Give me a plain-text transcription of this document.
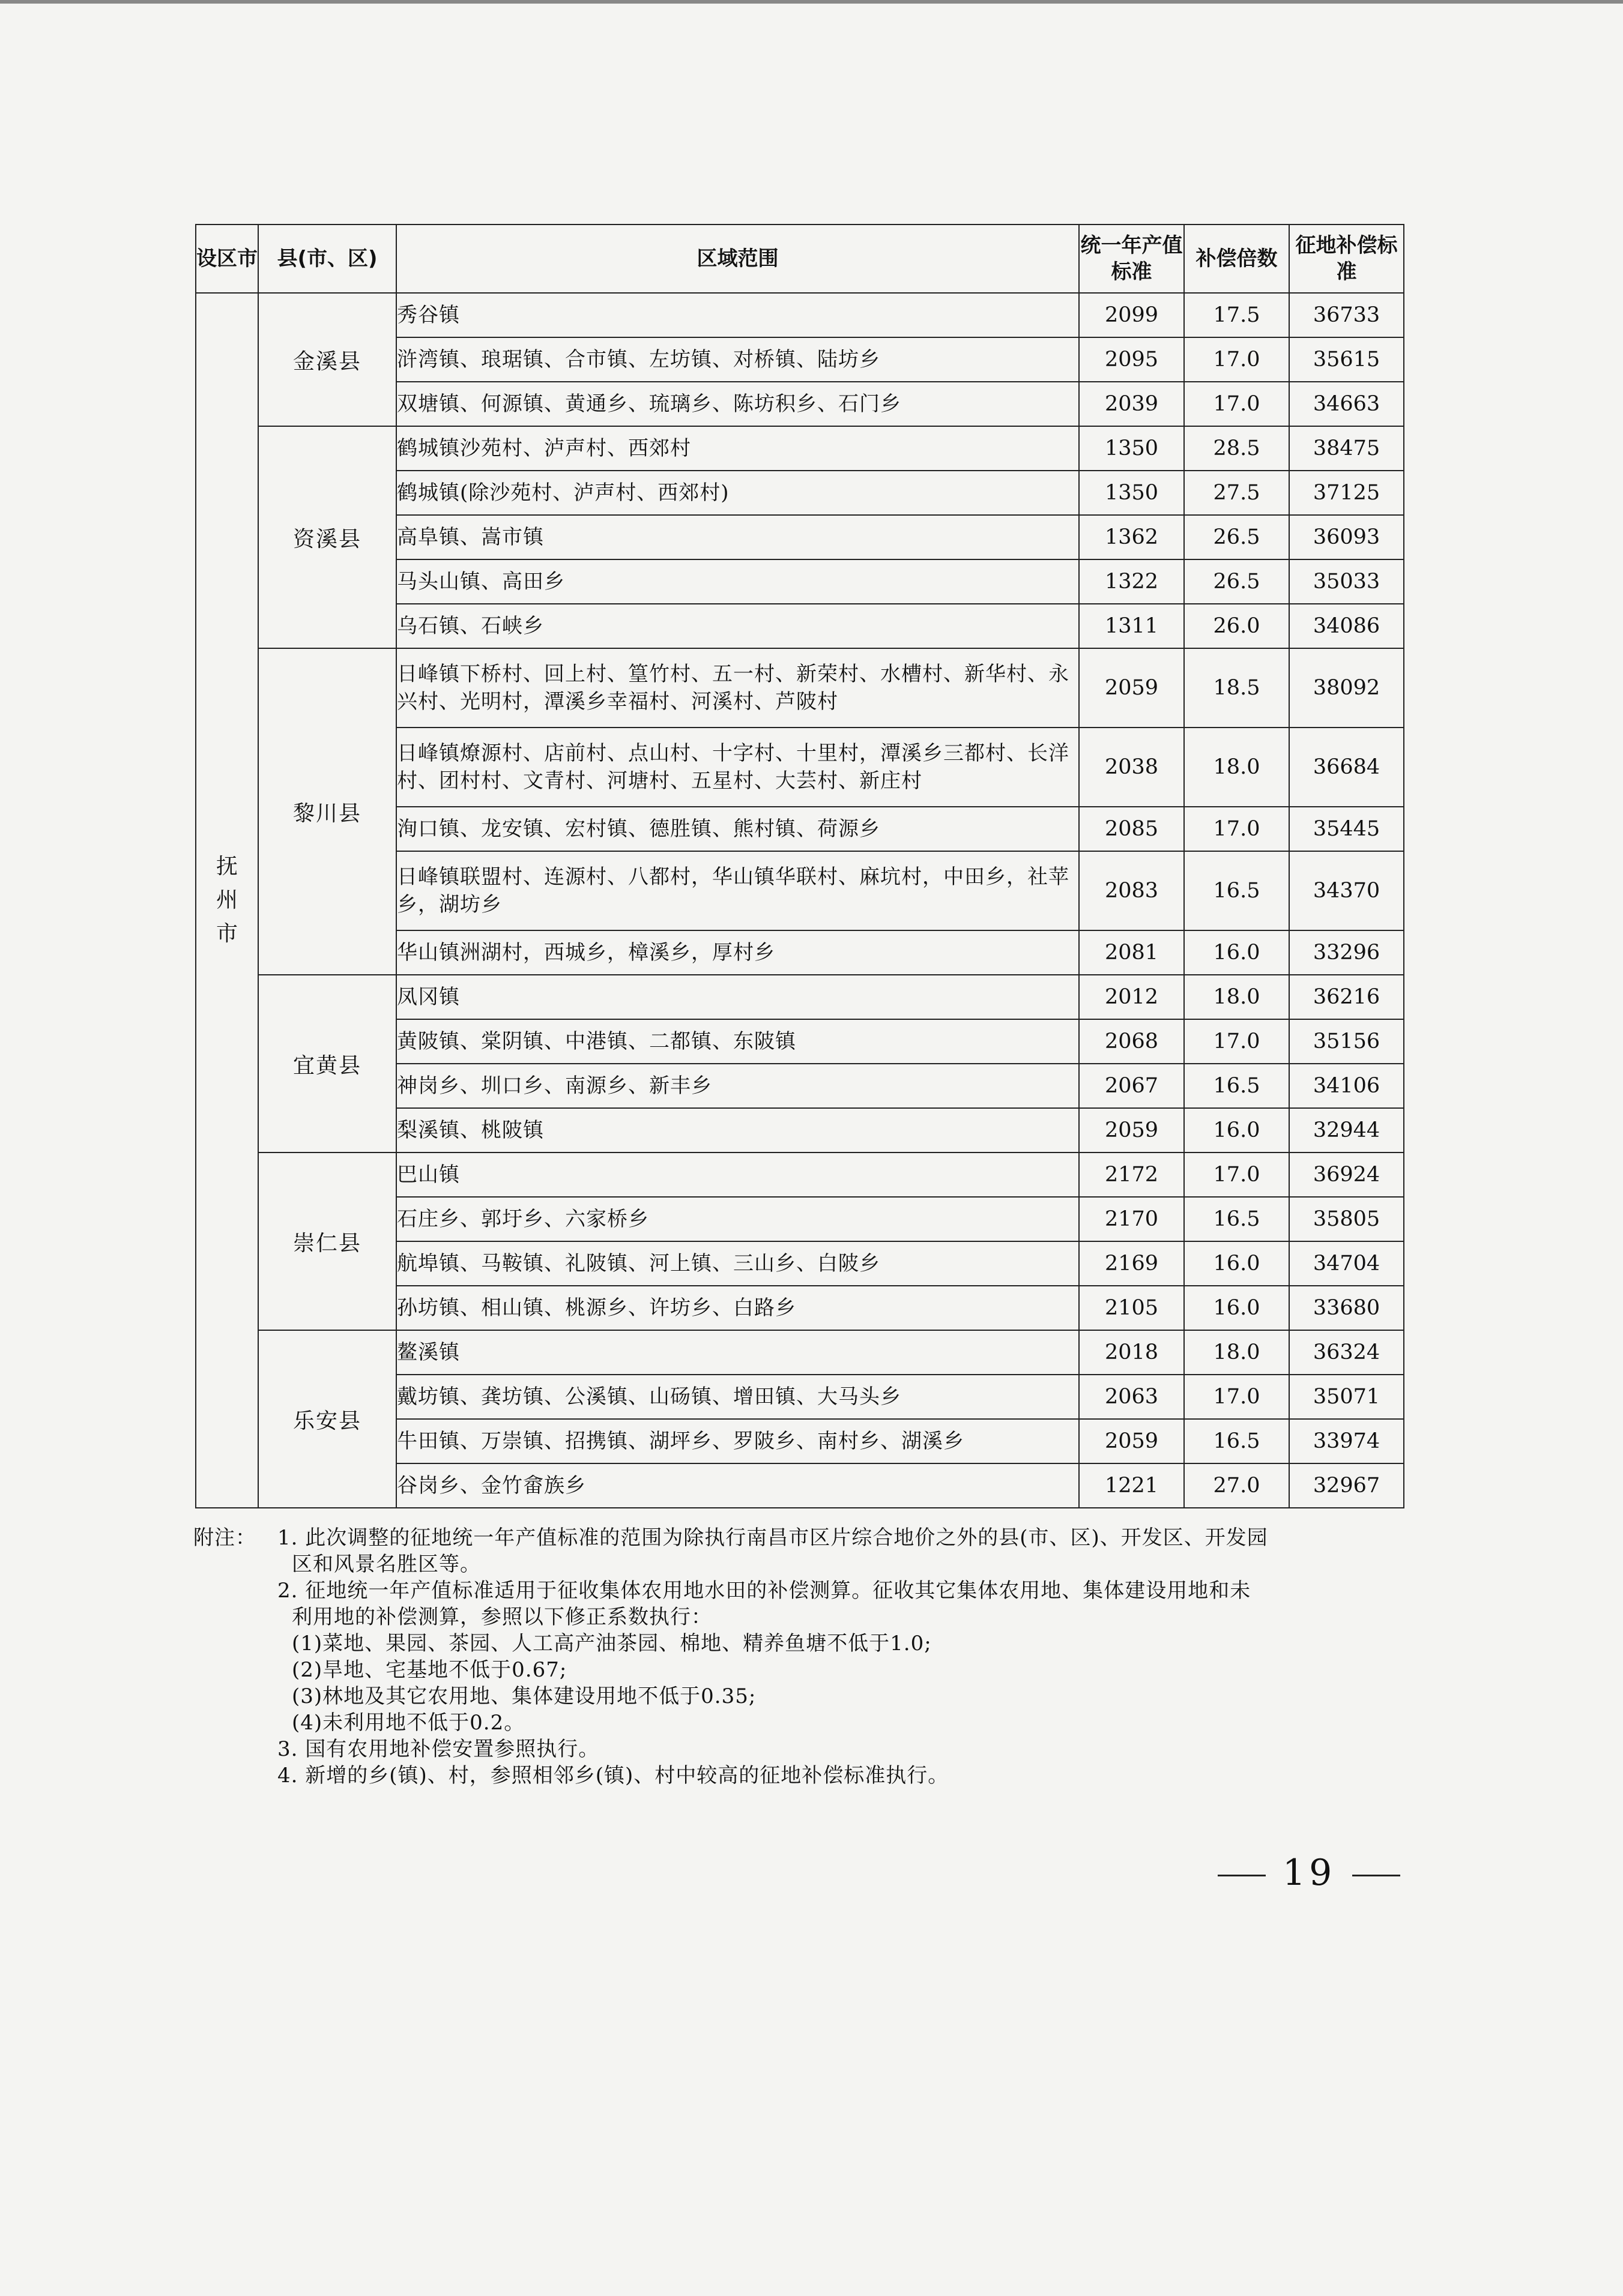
设区市	县(市、区)	区域范围	统一年产值标准	补偿倍数	征地补偿标准

抚州市	金溪县	秀谷镇	2099	17.5	36733
		浒湾镇、琅琚镇、合市镇、左坊镇、对桥镇、陆坊乡	2095	17.0	35615
		双塘镇、何源镇、黄通乡、琉璃乡、陈坊积乡、石门乡	2039	17.0	34663
	资溪县	鹤城镇沙苑村、泸声村、西郊村	1350	28.5	38475
		鹤城镇(除沙苑村、泸声村、西郊村)	1350	27.5	37125
		高阜镇、嵩市镇	1362	26.5	36093
		马头山镇、高田乡	1322	26.5	35033
		乌石镇、石峡乡	1311	26.0	34086
	黎川县	日峰镇下桥村、回上村、篁竹村、五一村、新荣村、水槽村、新华村、永兴村、光明村，潭溪乡幸福村、河溪村、芦陂村	2059	18.5	38092
		日峰镇燎源村、店前村、点山村、十字村、十里村，潭溪乡三都村、长洋村、团村村、文青村、河塘村、五星村、大芸村、新庄村	2038	18.0	36684
		洵口镇、龙安镇、宏村镇、德胜镇、熊村镇、荷源乡	2085	17.0	35445
		日峰镇联盟村、连源村、八都村，华山镇华联村、麻坑村，中田乡，社苹乡，湖坊乡	2083	16.5	34370
		华山镇洲湖村，西城乡，樟溪乡，厚村乡	2081	16.0	33296
	宜黄县	凤冈镇	2012	18.0	36216
		黄陂镇、棠阴镇、中港镇、二都镇、东陂镇	2068	17.0	35156
		神岗乡、圳口乡、南源乡、新丰乡	2067	16.5	34106
		梨溪镇、桃陂镇	2059	16.0	32944
	崇仁县	巴山镇	2172	17.0	36924
		石庄乡、郭圩乡、六家桥乡	2170	16.5	35805
		航埠镇、马鞍镇、礼陂镇、河上镇、三山乡、白陂乡	2169	16.0	34704
		孙坊镇、相山镇、桃源乡、许坊乡、白路乡	2105	16.0	33680
	乐安县	鳌溪镇	2018	18.0	36324
		戴坊镇、龚坊镇、公溪镇、山砀镇、增田镇、大马头乡	2063	17.0	35071
		牛田镇、万崇镇、招携镇、湖坪乡、罗陂乡、南村乡、湖溪乡	2059	16.5	33974
		谷岗乡、金竹畲族乡	1221	27.0	32967
附注：	1. 此次调整的征地统一年产值标准的范围为除执行南昌市区片综合地价之外的县(市、区)、开发区、开发园
区和风景名胜区等。
2. 征地统一年产值标准适用于征收集体农用地水田的补偿测算。征收其它集体农用地、集体建设用地和未
利用地的补偿测算，参照以下修正系数执行：
(1)菜地、果园、茶园、人工高产油茶园、棉地、精养鱼塘不低于1.0;
(2)旱地、宅基地不低于0.67;
(3)林地及其它农用地、集体建设用地不低于0.35;
(4)未利用地不低于0.2。
3. 国有农用地补偿安置参照执行。
4. 新增的乡(镇)、村，参照相邻乡(镇)、村中较高的征地补偿标准执行。
19
